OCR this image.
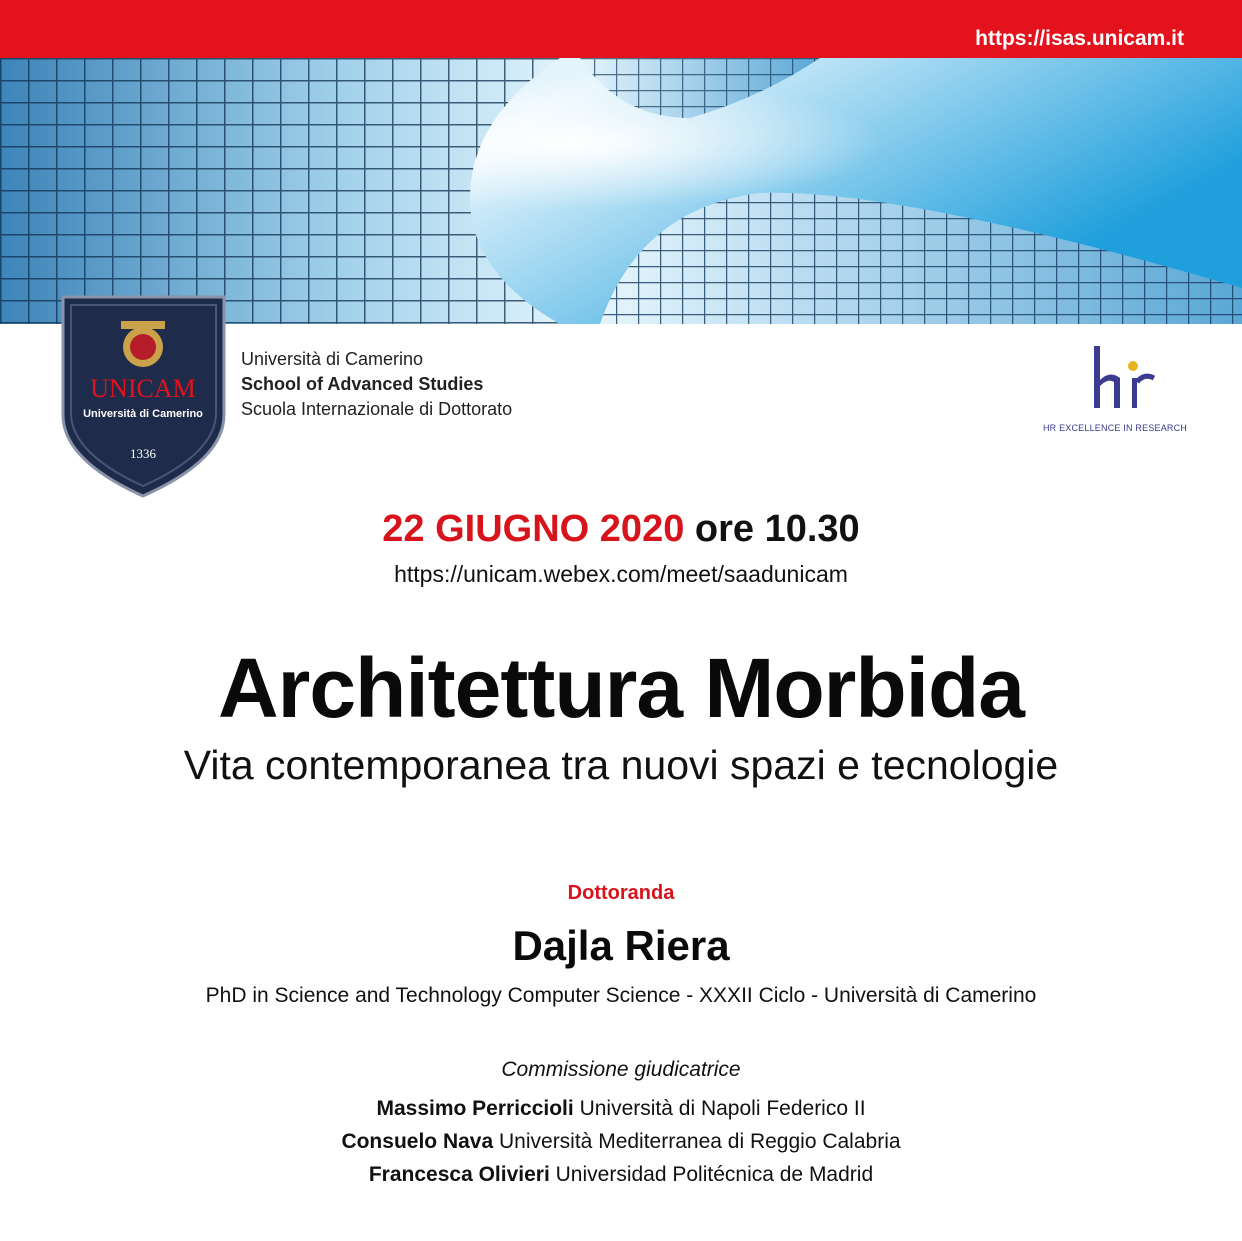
https://isas.unicam.it
UNICAM
Università di Camerino
1336
Università di Camerino
School of Advanced Studies
Scuola Internazionale di Dottorato
HR EXCELLENCE IN RESEARCH
22 GIUGNO 2020 ore 10.30
https://unicam.webex.com/meet/saadunicam
Architettura Morbida
Vita contemporanea tra nuovi spazi e tecnologie
Dottoranda
Dajla Riera
PhD in Science and Technology Computer Science - XXXII Ciclo - Università di Camerino
Commissione giudicatrice
Massimo Perriccioli Università di Napoli Federico II
Consuelo Nava Università Mediterranea di Reggio Calabria
Francesca Olivieri Universidad Politécnica de Madrid
